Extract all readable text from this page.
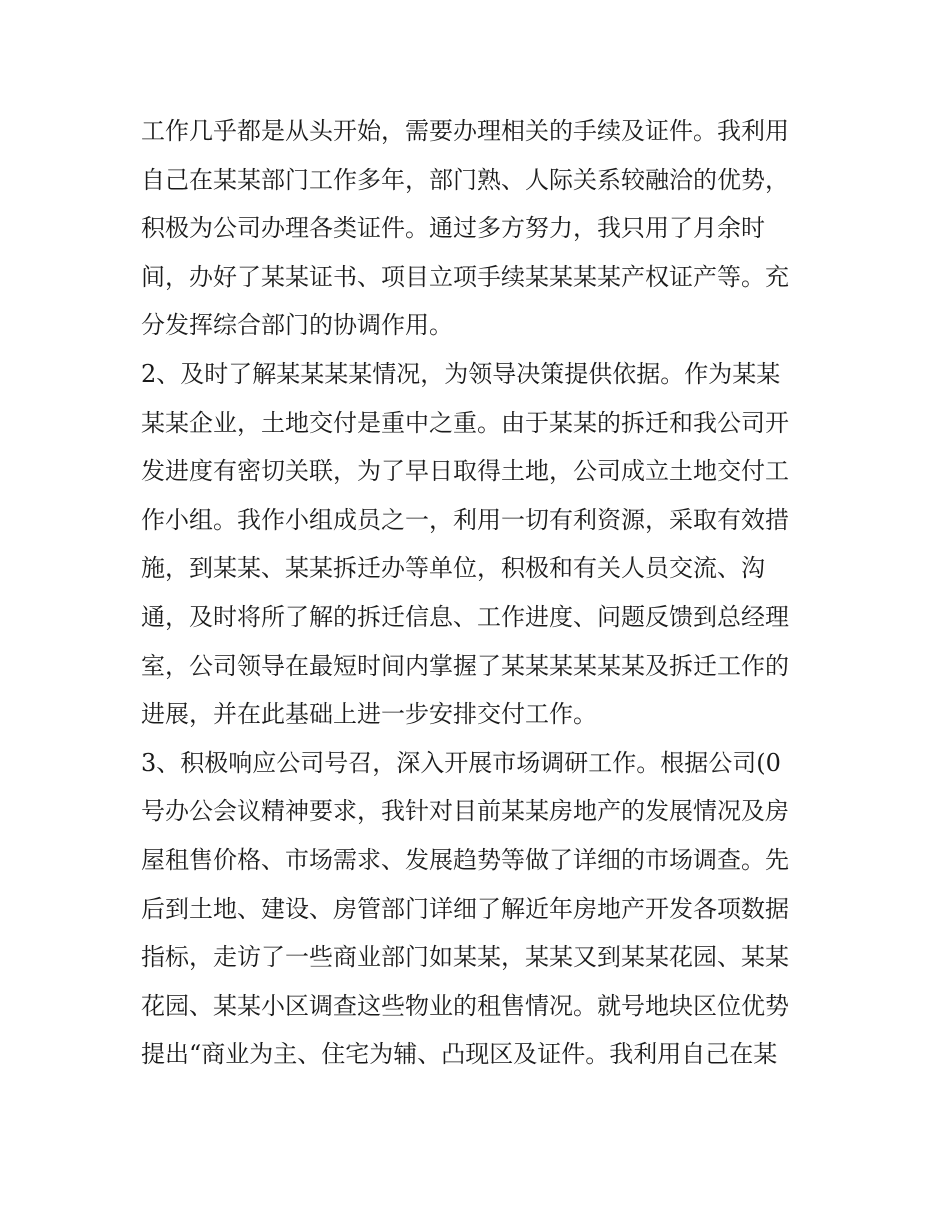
工作几乎都是从头开始，需要办理相关的手续及证件。我利用
自己在某某部门工作多年，部门熟、人际关系较融洽的优势，
积极为公司办理各类证件。通过多方努力，我只用了月余时
间，办好了某某证书、项目立项手续某某某某产权证产等。充
分发挥综合部门的协调作用。
2、及时了解某某某某情况，为领导决策提供依据。作为某某
某某企业，土地交付是重中之重。由于某某的拆迁和我公司开
发进度有密切关联，为了早日取得土地，公司成立土地交付工
作小组。我作小组成员之一，利用一切有利资源，采取有效措
施，到某某、某某拆迁办等单位，积极和有关人员交流、沟
通，及时将所了解的拆迁信息、工作进度、问题反馈到总经理
室，公司领导在最短时间内掌握了某某某某某某及拆迁工作的
进展，并在此基础上进一步安排交付工作。
3、积极响应公司号召，深入开展市场调研工作。根据公司(0
号办公会议精神要求，我针对目前某某房地产的发展情况及房
屋租售价格、市场需求、发展趋势等做了详细的市场调查。先
后到土地、建设、房管部门详细了解近年房地产开发各项数据
指标，走访了一些商业部门如某某，某某又到某某花园、某某
花园、某某小区调查这些物业的租售情况。就号地块区位优势
提出“商业为主、住宅为辅、凸现区及证件。我利用自己在某
